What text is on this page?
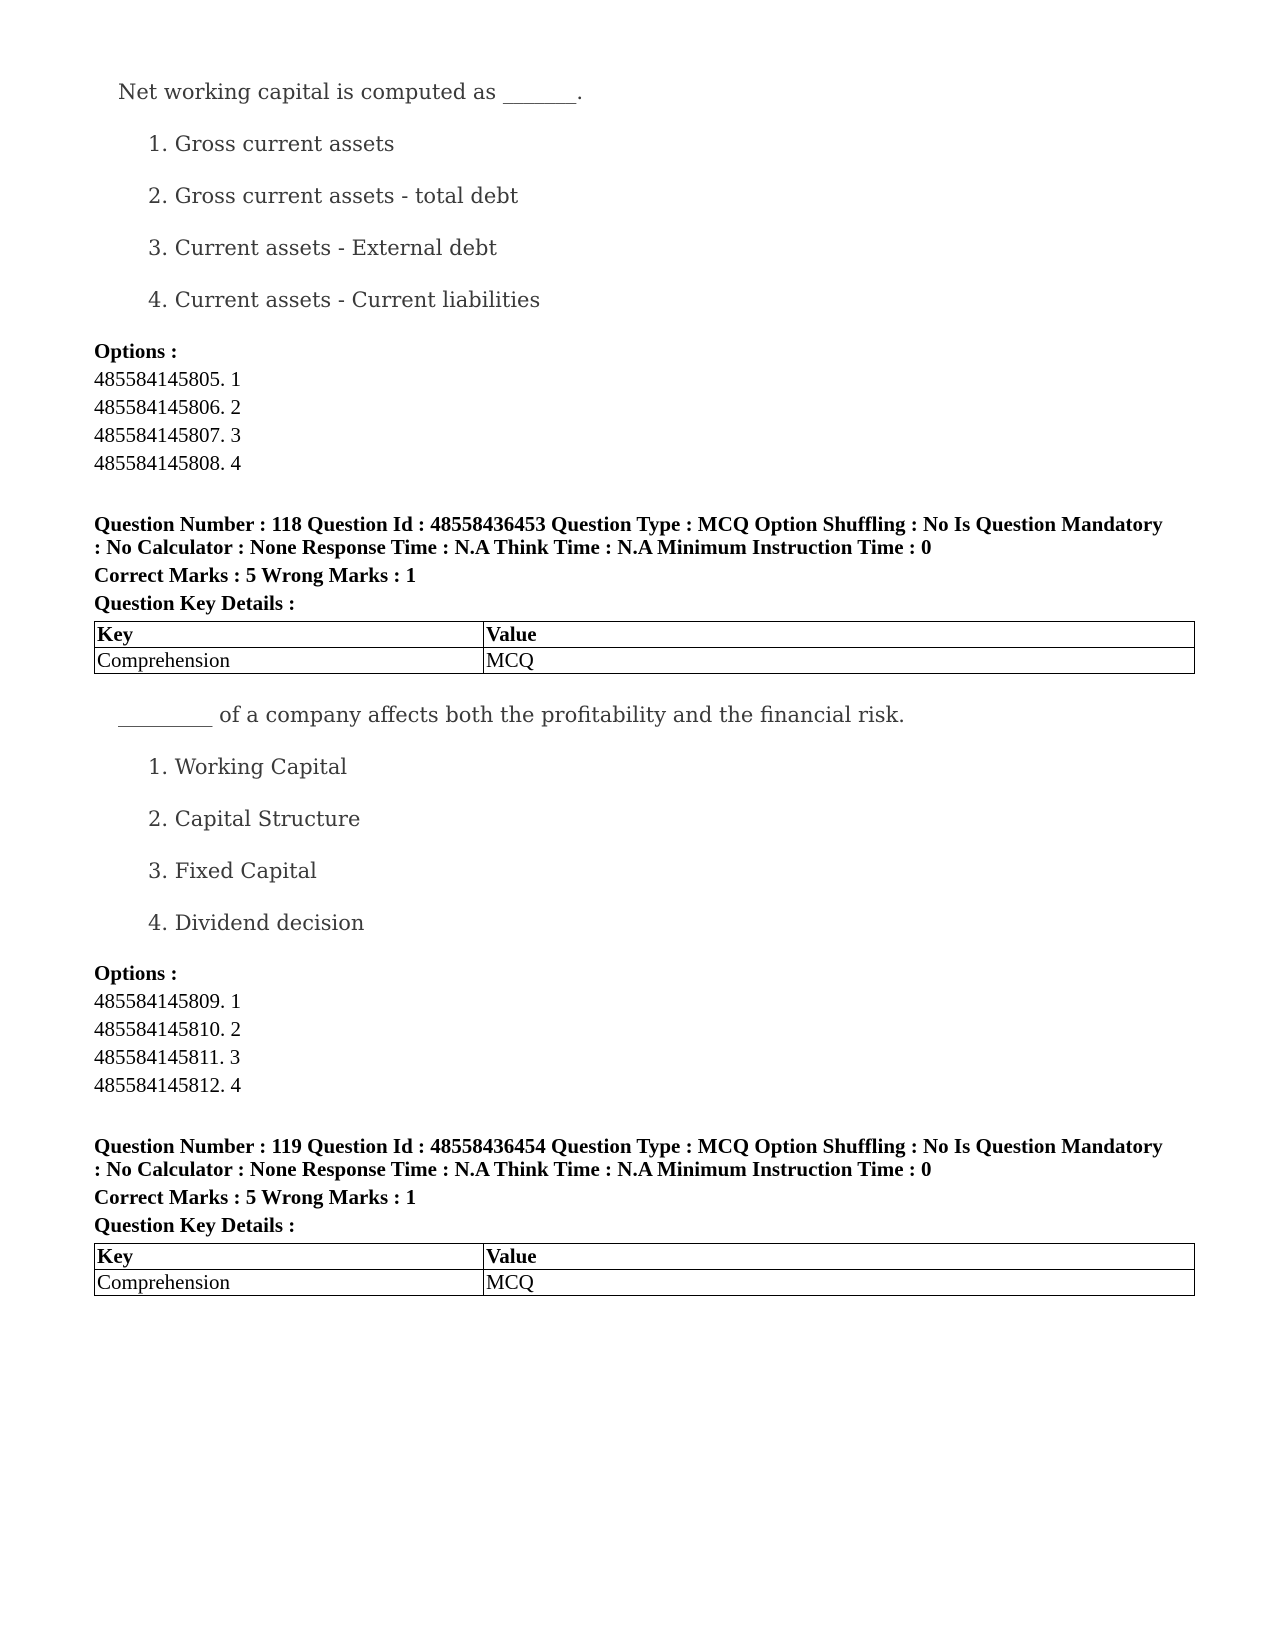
Net working capital is computed as _______.
1. Gross current assets
2. Gross current assets - total debt
3. Current assets - External debt
4. Current assets - Current liabilities
Options :
485584145805. 1
485584145806. 2
485584145807. 3
485584145808. 4
Question Number : 118 Question Id : 48558436453 Question Type : MCQ Option Shuffling : No Is Question Mandatory
: No Calculator : None Response Time : N.A Think Time : N.A Minimum Instruction Time : 0
Correct Marks : 5 Wrong Marks : 1
Question Key Details :
Key	Value
Comprehension	MCQ
_________ of a company affects both the profitability and the financial risk.
1. Working Capital
2. Capital Structure
3. Fixed Capital
4. Dividend decision
Options :
485584145809. 1
485584145810. 2
485584145811. 3
485584145812. 4
Question Number : 119 Question Id : 48558436454 Question Type : MCQ Option Shuffling : No Is Question Mandatory
: No Calculator : None Response Time : N.A Think Time : N.A Minimum Instruction Time : 0
Correct Marks : 5 Wrong Marks : 1
Question Key Details :
Key	Value
Comprehension	MCQ
